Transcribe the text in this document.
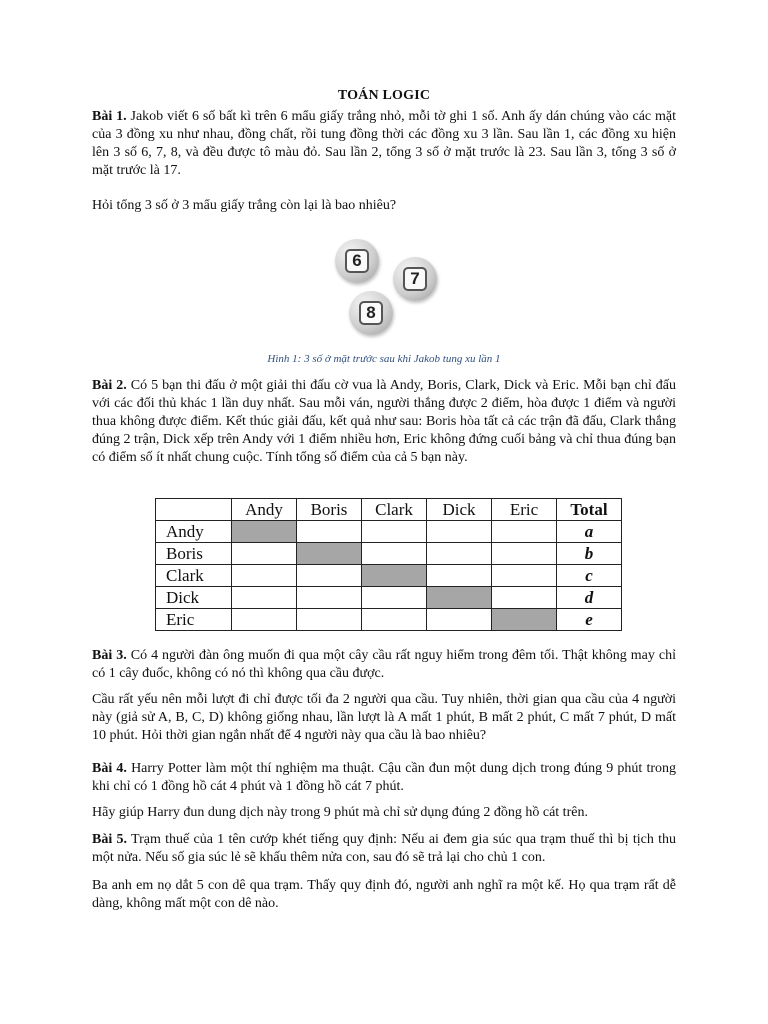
TOÁN LOGIC

Bài 1. Jakob viết 6 số bất kì trên 6 mẩu giấy trắng nhỏ, mỗi tờ ghi 1 số. Anh ấy dán chúng vào các mặt của 3 đồng xu như nhau, đồng chất, rồi tung đồng thời các đồng xu 3 lần. Sau lần 1, các đồng xu hiện lên 3 số 6, 7, 8, và đều được tô màu đỏ. Sau lần 2, tổng 3 số ở mặt trước là 23. Sau lần 3, tổng 3 số ở mặt trước là 17.

Hỏi tổng 3 số ở 3 mẩu giấy trắng còn lại là bao nhiêu?

6
7
8
Hình 1: 3 số ở mặt trước sau khi Jakob tung xu lần 1

Bài 2. Có 5 bạn thi đấu ở một giải thi đấu cờ vua là Andy, Boris, Clark, Dick và Eric. Mỗi bạn chỉ đấu với các đối thủ khác 1 lần duy nhất. Sau mỗi ván, người thắng được 2 điểm, hòa được 1 điểm và người thua không được điểm. Kết thúc giải đấu, kết quả như sau: Boris hòa tất cả các trận đã đấu, Clark thắng đúng 2 trận, Dick xếp trên Andy với 1 điểm nhiều hơn, Eric không đứng cuối bảng và chỉ thua đúng bạn có điểm số ít nhất chung cuộc. Tính tổng số điểm của cả 5 bạn này.

	Andy	Boris	Clark	Dick	Eric	Total
Andy						a
Boris						b
Clark						c
Dick						d
Eric						e

Bài 3. Có 4 người đàn ông muốn đi qua một cây cầu rất nguy hiểm trong đêm tối. Thật không may chỉ có 1 cây đuốc, không có nó thì không qua cầu được.

Cầu rất yếu nên mỗi lượt đi chỉ được tối đa 2 người qua cầu. Tuy nhiên, thời gian qua cầu của 4 người này (giả sử A, B, C, D) không giống nhau, lần lượt là A mất 1 phút, B mất 2 phút, C mất 7 phút, D mất 10 phút. Hỏi thời gian ngắn nhất để 4 người này qua cầu là bao nhiêu?

Bài 4. Harry Potter làm một thí nghiệm ma thuật. Cậu cần đun một dung dịch trong đúng 9 phút trong khi chỉ có 1 đồng hồ cát 4 phút và 1 đồng hồ cát 7 phút.

Hãy giúp Harry đun dung dịch này trong 9 phút mà chỉ sử dụng đúng 2 đồng hồ cát trên.

Bài 5. Trạm thuế của 1 tên cướp khét tiếng quy định: Nếu ai đem gia súc qua trạm thuế thì bị tịch thu một nửa. Nếu số gia súc lẻ sẽ khấu thêm nửa con, sau đó sẽ trả lại cho chủ 1 con.

Ba anh em nọ dắt 5 con dê qua trạm. Thấy quy định đó, người anh nghĩ ra một kế. Họ qua trạm rất dễ dàng, không mất một con dê nào.
